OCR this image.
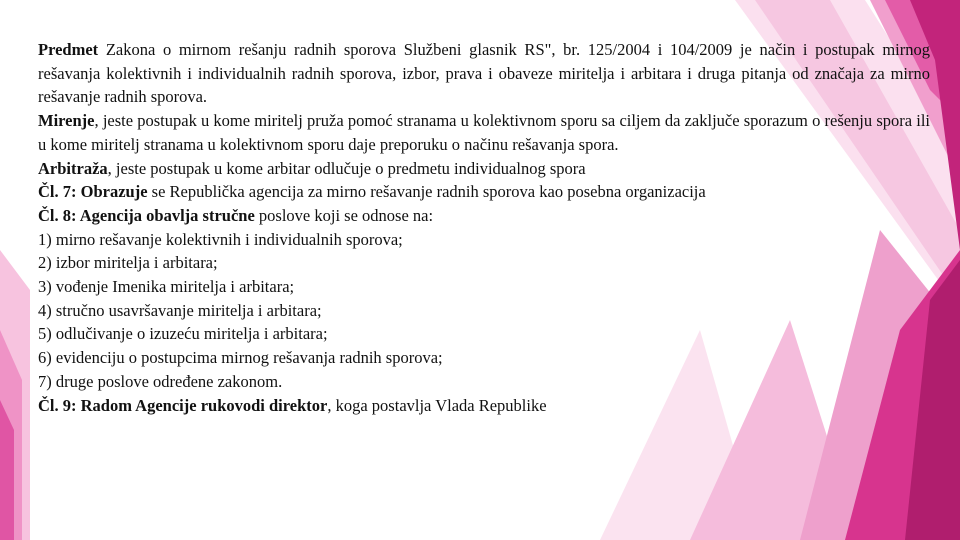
Predmet Zakona o mirnom rešanju radnih sporova Službeni glasnik RS", br. 125/2004 i 104/2009 je način i postupak mirnog rešavanja kolektivnih i individualnih radnih sporova, izbor, prava i obaveze miritelja i arbitara i druga pitanja od značaja za mirno rešavanje radnih sporova.

Mirenje, jeste postupak u kome miritelj pruža pomoć stranama u kolektivnom sporu sa ciljem da zaključe sporazum o rešenju spora ili u kome miritelj stranama u kolektivnom sporu daje preporuku o načinu rešavanja spora.

Arbitraža, jeste postupak u kome arbitar odlučuje o predmetu individualnog spora

Čl. 7: Obrazuje se Republička agencija za mirno rešavanje radnih sporova kao posebna organizacija

Čl. 8: Agencija obavlja stručne poslove koji se odnose na:

1) mirno rešavanje kolektivnih i individualnih sporova;

2) izbor miritelja i arbitara;

3) vođenje Imenika miritelja i arbitara;

4) stručno usavršavanje miritelja i arbitara;

5) odlučivanje o izuzeću miritelja i arbitara;

6) evidenciju o postupcima mirnog rešavanja radnih sporova;

7) druge poslove određene zakonom.

Čl. 9: Radom Agencije rukovodi direktor, koga postavlja Vlada Republike
